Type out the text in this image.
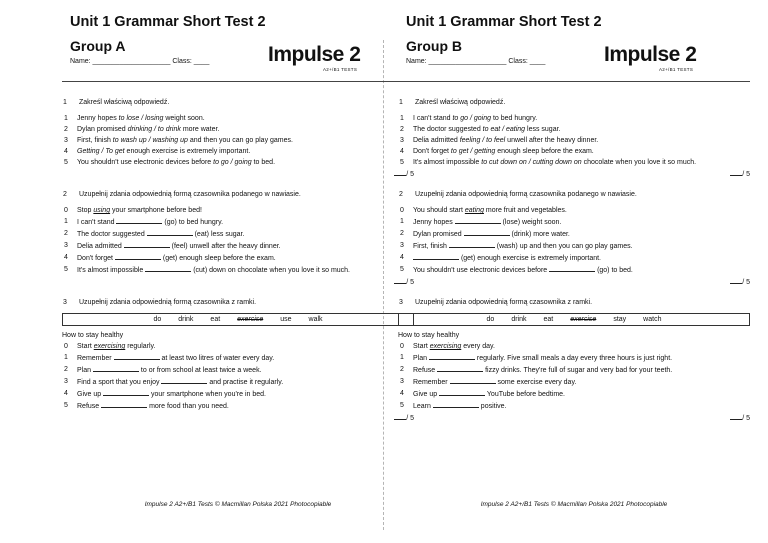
Unit 1 Grammar Short Test 2
Group A
Name: ____________________ Class: ____	Impulse 2
A2+/B1 TESTS
1	Zakreśl właściwą odpowiedź.
1	Jenny hopes to lose / losing weight soon.
2	Dylan promised drinking / to drink more water.
3	First, finish to wash up / washing up and then you can go play games.
4	Getting / To get enough exercise is extremely important.
5	You shouldn't use electronic devices before to go / going to bed.
/ 5
2	Uzupełnij zdania odpowiednią formą czasownika podanego w nawiasie.
0	Stop using your smartphone before bed!
1	I can't stand	(go) to bed hungry.
2	The doctor suggested	(eat) less sugar.
3	Delia admitted	(feel) unwell after the heavy dinner.
4	Don't forget	(get) enough sleep before the exam.
5	It's almost impossible	(cut) down on chocolate when you love it so much.
/ 5
3	Uzupełnij zdania odpowiednią formą czasownika z ramki.
do drink eat exercise use walk
How to stay healthy
0	Start exercising regularly.
1	Remember	at least two litres of water every day.
2	Plan	to or from school at least twice a week.
3	Find a sport that you enjoy	and practise it regularly.
4	Give up	your smartphone when you're in bed.
5	Refuse	more food than you need.
/ 5
Impulse 2 A2+/B1 Tests © Macmillan Polska 2021 Photocopiable
Unit 1 Grammar Short Test 2
Group B
Name: ____________________ Class: ____	Impulse 2
A2+/B1 TESTS
1	Zakreśl właściwą odpowiedź.
1	I can't stand to go / going to bed hungry.
2	The doctor suggested to eat / eating less sugar.
3	Delia admitted feeling / to feel unwell after the heavy dinner.
4	Don't forget to get / getting enough sleep before the exam.
5	It's almost impossible to cut down on / cutting down on chocolate when you love it so much.
/ 5
2	Uzupełnij zdania odpowiednią formą czasownika podanego w nawiasie.
0	You should start eating more fruit and vegetables.
1	Jenny hopes	(lose) weight soon.
2	Dylan promised	(drink) more water.
3	First, finish	(wash) up and then you can go play games.
4	(get) enough exercise is extremely important.
5	You shouldn't use electronic devices before	(go) to bed.
/ 5
3	Uzupełnij zdania odpowiednią formą czasownika z ramki.
do drink eat exercise stay watch
How to stay healthy
0	Start exercising every day.
1	Plan	regularly. Five small meals a day every three hours is just right.
2	Refuse	fizzy drinks. They're full of sugar and very bad for your teeth.
3	Remember	some exercise every day.
4	Give up	YouTube before bedtime.
5	Learn	positive.
/ 5
Impulse 2 A2+/B1 Tests © Macmillan Polska 2021 Photocopiable
